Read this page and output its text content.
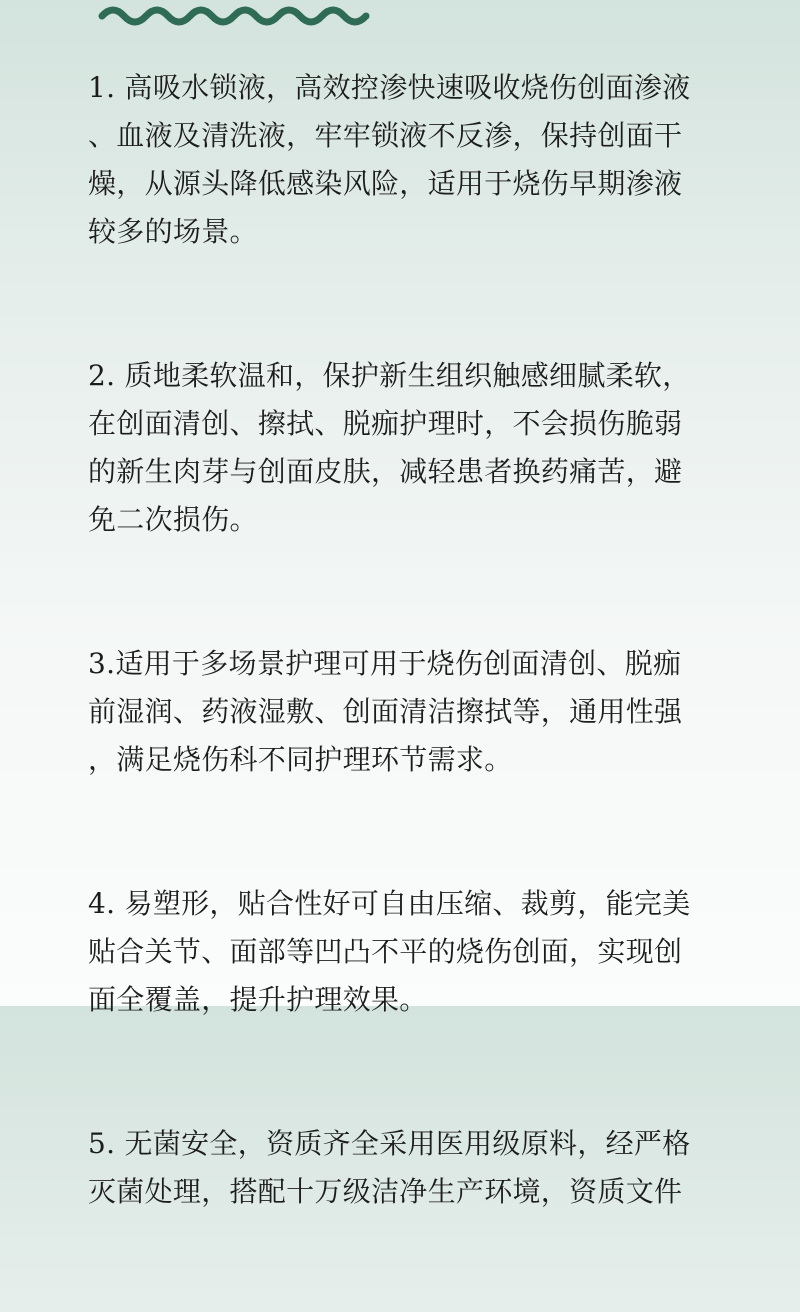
1. 高吸水锁液，高效控渗快速吸收烧伤创面渗液
、血液及清洗液，牢牢锁液不反渗，保持创面干
燥，从源头降低感染风险，适用于烧伤早期渗液
较多的场景。

2. 质地柔软温和，保护新生组织触感细腻柔软，
在创面清创、擦拭、脱痂护理时，不会损伤脆弱
的新生肉芽与创面皮肤，减轻患者换药痛苦，避
免二次损伤。

3.适用于多场景护理可用于烧伤创面清创、脱痂
前湿润、药液湿敷、创面清洁擦拭等，通用性强
，满足烧伤科不同护理环节需求。

4. 易塑形，贴合性好可自由压缩、裁剪，能完美
贴合关节、面部等凹凸不平的烧伤创面，实现创
面全覆盖，提升护理效果。

5. 无菌安全，资质齐全采用医用级原料，经严格
灭菌处理，搭配十万级洁净生产环境，资质文件
